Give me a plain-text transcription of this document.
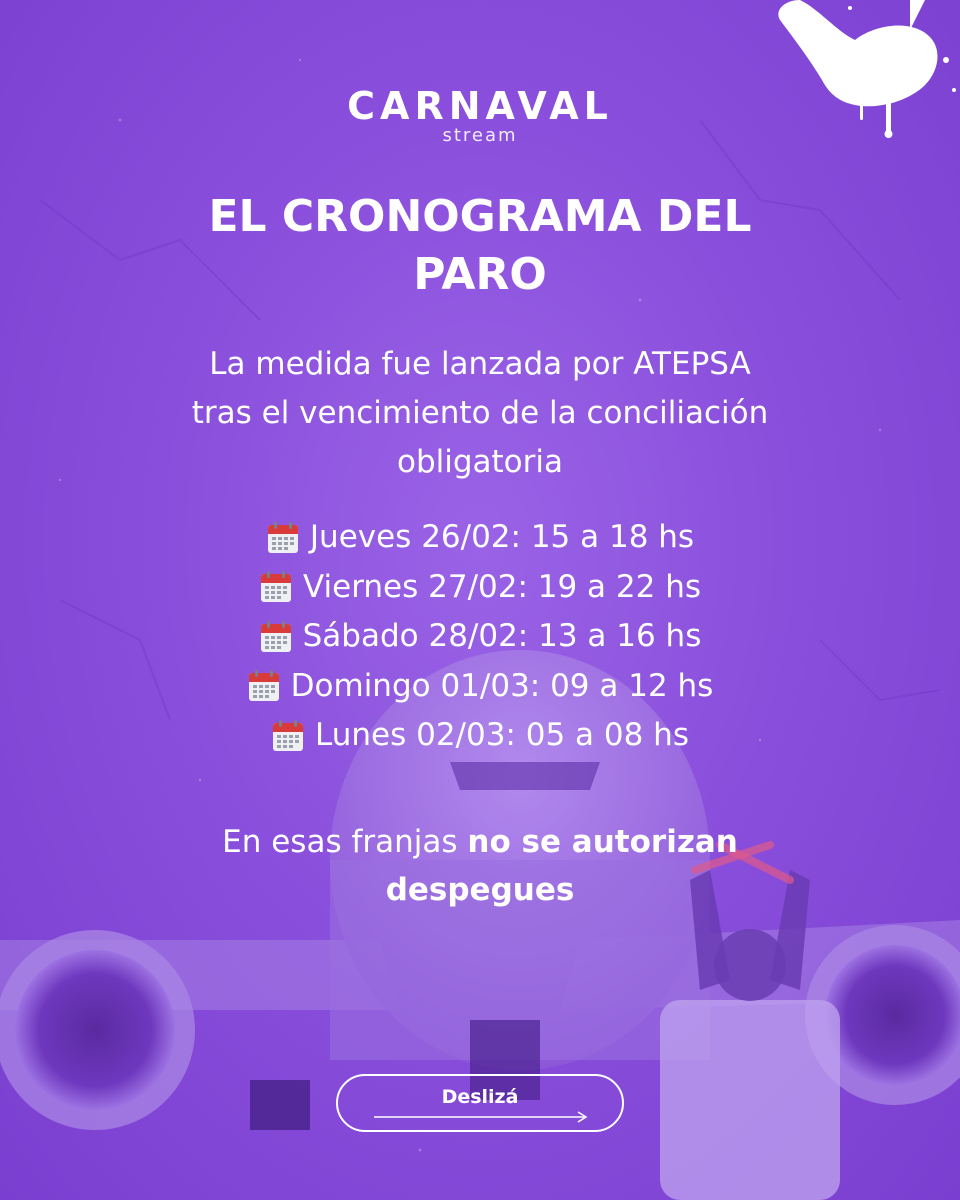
CARNAVAL
stream
EL CRONOGRAMA DEL
PARO
La medida fue lanzada por ATEPSA
tras el vencimiento de la conciliación
obligatoria
Jueves 26/02: 15 a 18 hs
Viernes 27/02: 19 a 22 hs
Sábado 28/02: 13 a 16 hs
Domingo 01/03: 09 a 12 hs
Lunes 02/03: 05 a 08 hs
En esas franjas no se autorizan
despegues
Deslizá
